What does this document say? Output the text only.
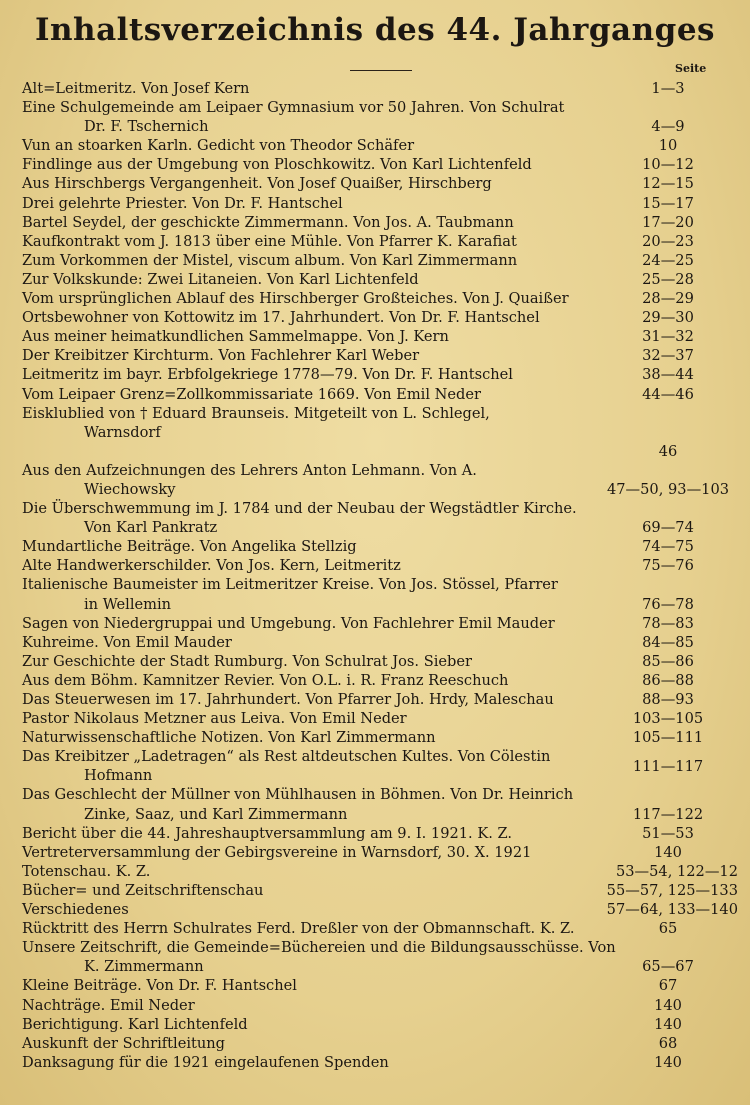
Inhaltsverzeichnis des 44. Jahrganges
Seite
Alt=Leitmeritz. Von Josef Kern	1—3
Eine Schulgemeinde am Leipaer Gymnasium vor 50 Jahren. Von Schulrat
Dr. F. Tschernich	4—9
Vun an stoarken Karln. Gedicht von Theodor Schäfer	10
Findlinge aus der Umgebung von Ploschkowitz. Von Karl Lichtenfeld	10—12
Aus Hirschbergs Vergangenheit. Von Josef Quaißer, Hirschberg	12—15
Drei gelehrte Priester. Von Dr. F. Hantschel	15—17
Bartel Seydel, der geschickte Zimmermann. Von Jos. A. Taubmann	17—20
Kaufkontrakt vom J. 1813 über eine Mühle. Von Pfarrer K. Karafiat	20—23
Zum Vorkommen der Mistel, viscum album. Von Karl Zimmermann	24—25
Zur Volkskunde: Zwei Litaneien. Von Karl Lichtenfeld	25—28
Vom ursprünglichen Ablauf des Hirschberger Großteiches. Von J. Quaißer	28—29
Ortsbewohner von Kottowitz im 17. Jahrhundert. Von Dr. F. Hantschel	29—30
Aus meiner heimatkundlichen Sammelmappe. Von J. Kern	31—32
Der Kreibitzer Kirchturm. Von Fachlehrer Karl Weber	32—37
Leitmeritz im bayr. Erbfolgekriege 1778—79. Von Dr. F. Hantschel	38—44
Vom Leipaer Grenz=Zollkommissariate 1669. Von Emil Neder	44—46
Eisklublied von † Eduard Braunseis. Mitgeteilt von L. Schlegel,
Warnsdorf
46
Aus den Aufzeichnungen des Lehrers Anton Lehmann. Von A.
Wiechowsky	47—50, 93—103
Die Überschwemmung im J. 1784 und der Neubau der Wegstädtler Kirche.
Von Karl Pankratz	69—74
Mundartliche Beiträge. Von Angelika Stellzig	74—75
Alte Handwerkerschilder. Von Jos. Kern, Leitmeritz	75—76
Italienische Baumeister im Leitmeritzer Kreise. Von Jos. Stössel, Pfarrer
in Wellemin	76—78
Sagen von Niedergruppai und Umgebung. Von Fachlehrer Emil Mauder	78—83
Kuhreime. Von Emil Mauder	84—85
Zur Geschichte der Stadt Rumburg. Von Schulrat Jos. Sieber	85—86
Aus dem Böhm. Kamnitzer Revier. Von O.L. i. R. Franz Reeschuch	86—88
Das Steuerwesen im 17. Jahrhundert. Von Pfarrer Joh. Hrdy, Maleschau	88—93
Pastor Nikolaus Metzner aus Leiva. Von Emil Neder	103—105
Naturwissenschaftliche Notizen. Von Karl Zimmermann	105—111
Das Kreibitzer „Ladetragen“ als Rest altdeutschen Kultes. Von Cölestin
Hofmann
111—117
Das Geschlecht der Müllner von Mühlhausen in Böhmen. Von Dr. Heinrich
Zinke, Saaz, und Karl Zimmermann	117—122
Bericht über die 44. Jahreshauptversammlung am 9. I. 1921. K. Z.	51—53
Vertreterversammlung der Gebirgsvereine in Warnsdorf, 30. X. 1921	140
Totenschau. K. Z.	53—54, 122—12
Bücher= und Zeitschriftenschau	55—57, 125—133
Verschiedenes	57—64, 133—140
Rücktritt des Herrn Schulrates Ferd. Dreßler von der Obmannschaft. K. Z.	65
Unsere Zeitschrift, die Gemeinde=Büchereien und die Bildungsausschüsse. Von
K. Zimmermann	65—67
Kleine Beiträge. Von Dr. F. Hantschel	67
Nachträge. Emil Neder	140
Berichtigung. Karl Lichtenfeld	140
Auskunft der Schriftleitung	68
Danksagung für die 1921 eingelaufenen Spenden	140
